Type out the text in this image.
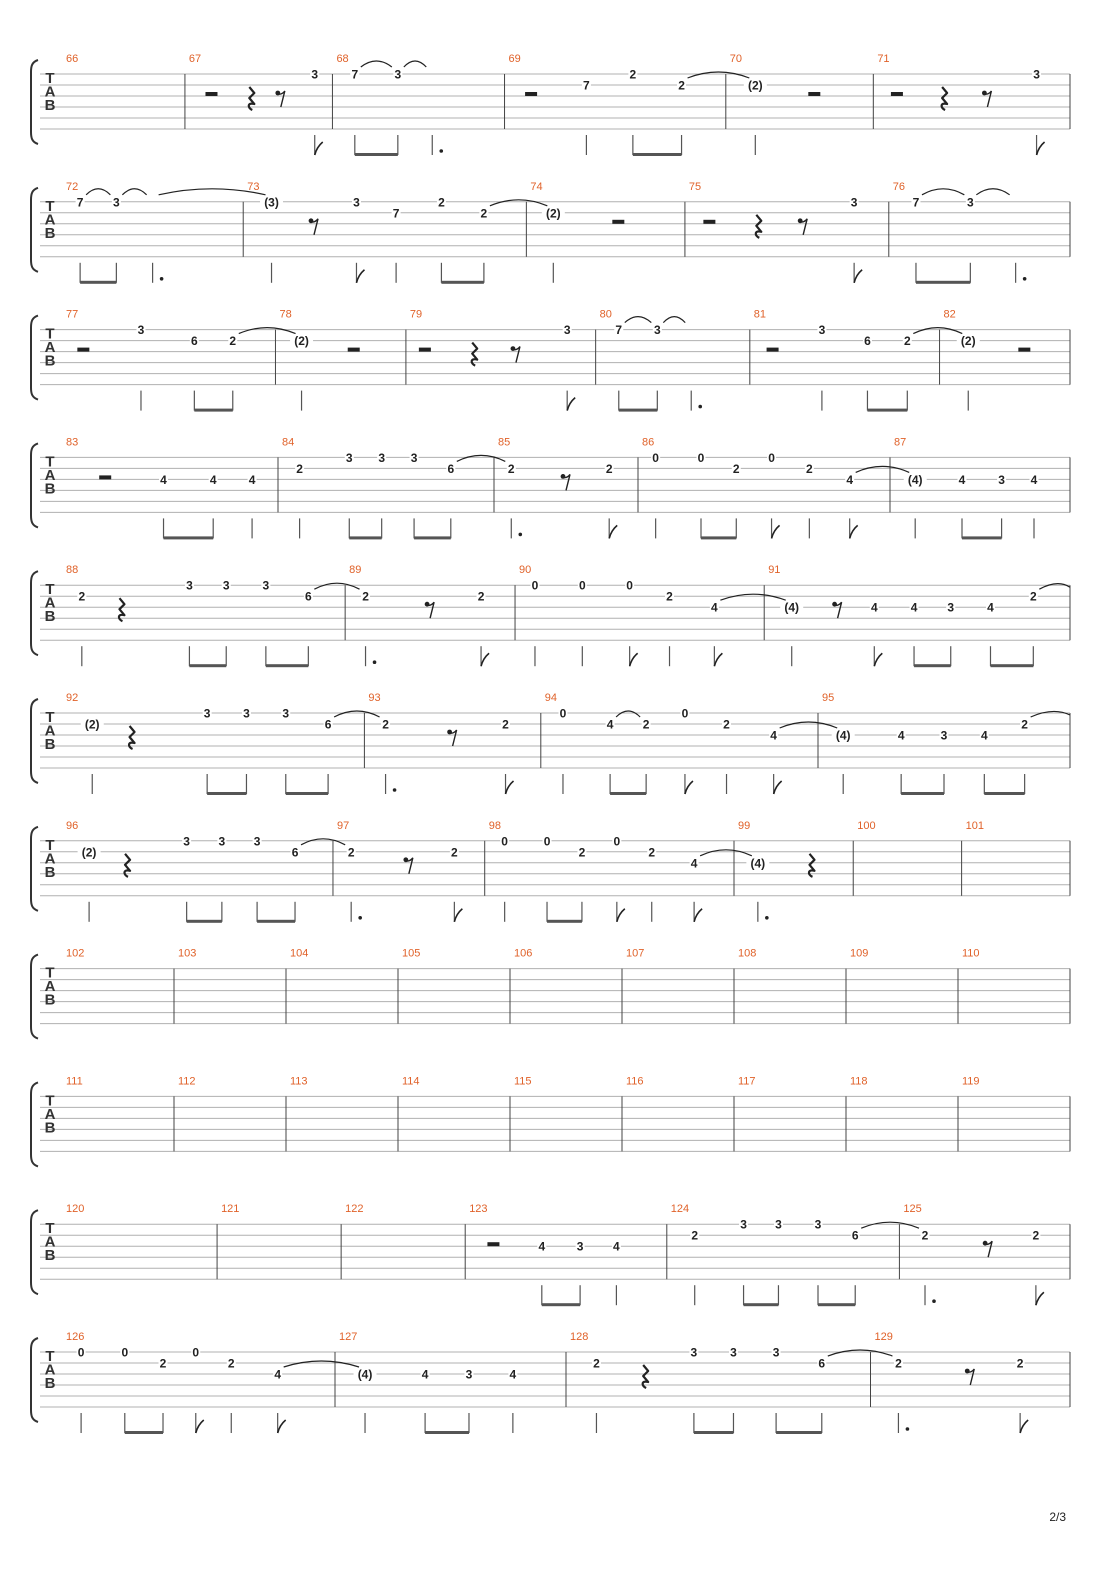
T
A
B
66	67
3
68
7	3
69
7
2
2
70
(2)
71
3
T
A
B
72
7 3
73
(3)	3
7
2
2
74
(2)
75
3
76
7	3
T
A
B
77
3
6	2
78
(2)
79
3
80
7	3
81
3
6	2
82
(2)
T
A
B
83
4	4	4
84
2
3 3 3
6
85
2	2
86
0	0
2
0
2
4
87
(4)	4	3 4
T
A
B
88
2
3	3	3
6
89
2	2
90
0	0	0
2
4
91
(4)	4	4	3	4
2
T
A
B
92
(2)
3	3	3
6
93
2	2
94
0
4 2
0
2
4
95
(4)	4	3	4
2
T
A
B
96
(2)
3 3 3
6
97
2	2
98
0	0
2
0
2
4
99
(4)
100	101
T
A
B
102	103	104	105	106	107	108	109	110
T
A
B
111	112	113	114	115	116	117	118	119
T
A
B
120	121	122	123
4	3 4
124
2
3 3	3
6
125
2	2
T
A
B
126
0	0
2
0
2
4
127
(4)	4	3	4
128
2
3	3	3
6
129
2	2
2/3
